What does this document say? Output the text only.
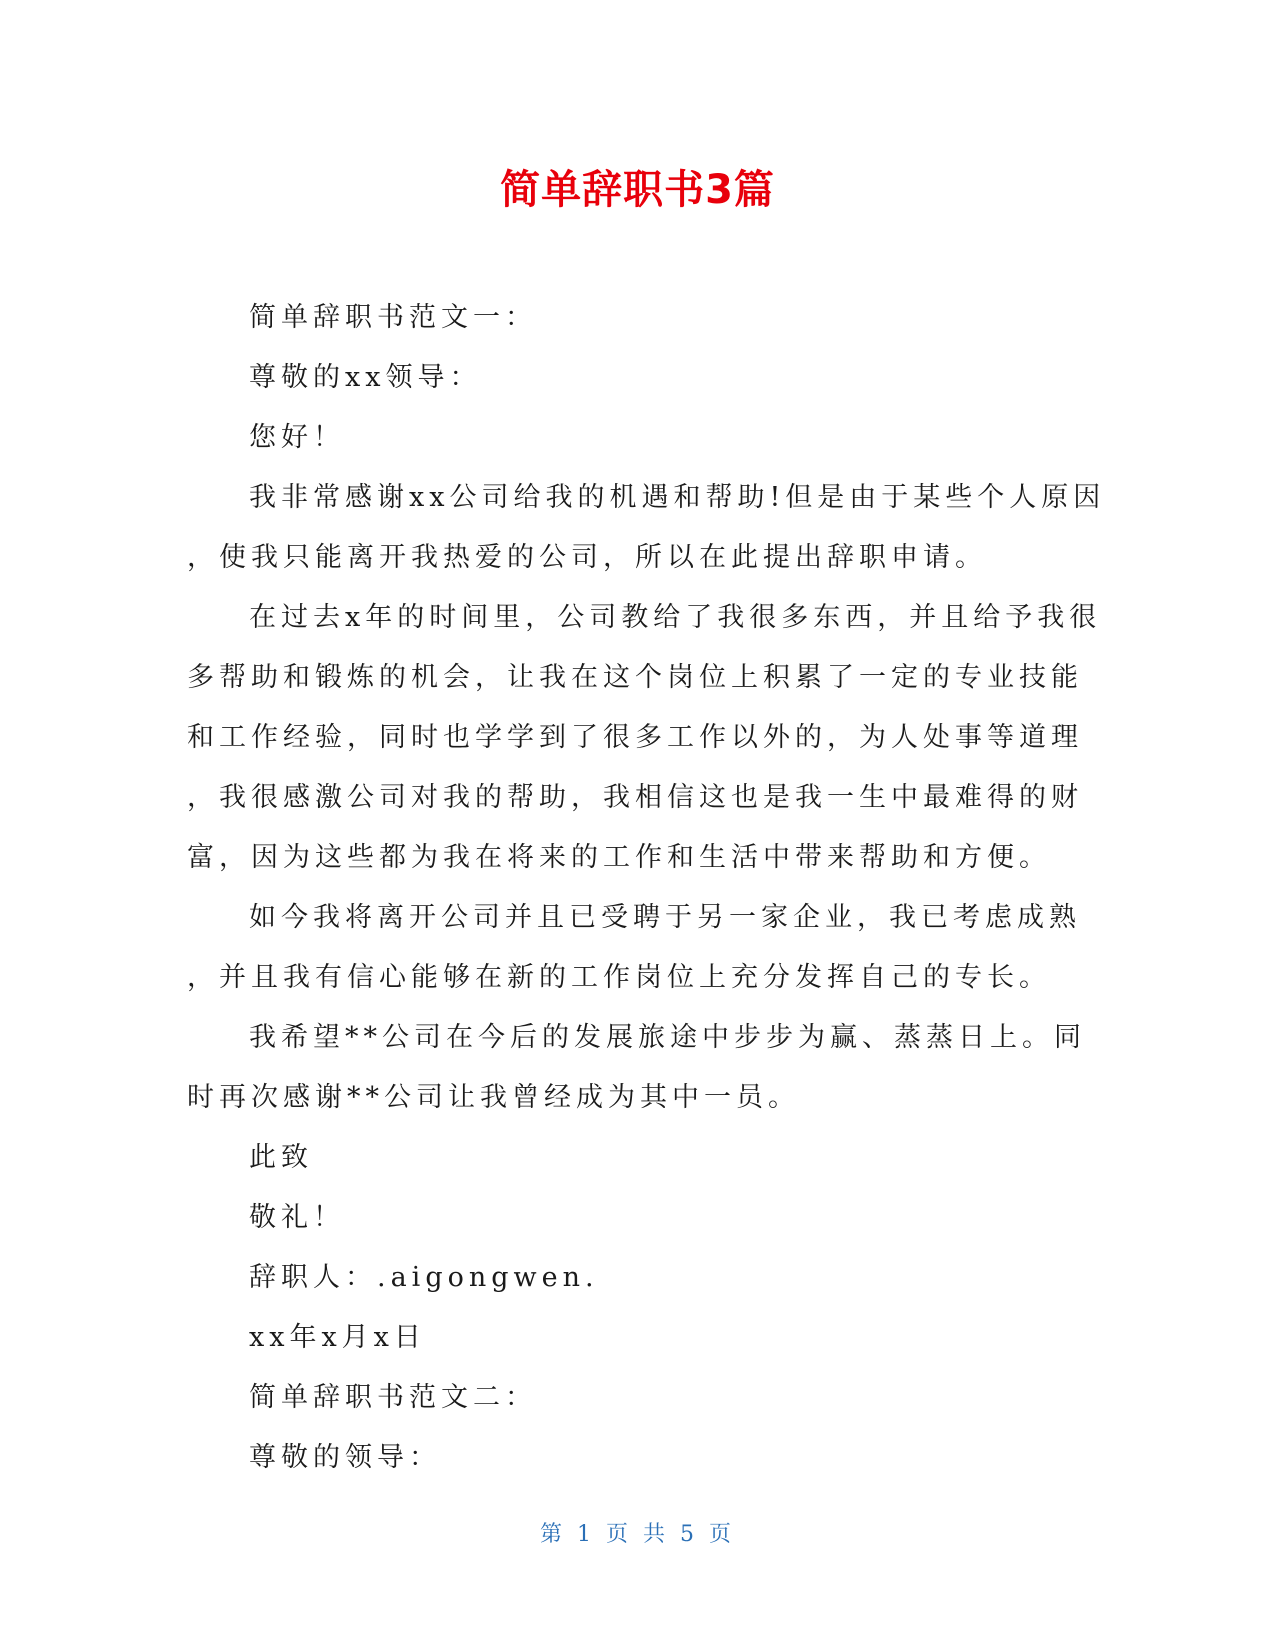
简单辞职书3篇

简单辞职书范文一：

尊敬的xx领导：

您好！

我非常感谢xx公司给我的机遇和帮助!但是由于某些个人原因
，使我只能离开我热爱的公司，所以在此提出辞职申请。

在过去x年的时间里，公司教给了我很多东西，并且给予我很
多帮助和锻炼的机会，让我在这个岗位上积累了一定的专业技能
和工作经验，同时也学学到了很多工作以外的，为人处事等道理
，我很感激公司对我的帮助，我相信这也是我一生中最难得的财
富，因为这些都为我在将来的工作和生活中带来帮助和方便。

如今我将离开公司并且已受聘于另一家企业，我已考虑成熟
，并且我有信心能够在新的工作岗位上充分发挥自己的专长。

我希望**公司在今后的发展旅途中步步为赢、蒸蒸日上。同
时再次感谢**公司让我曾经成为其中一员。

此致

敬礼！

辞职人：.aigongwen.

xx年x月x日

简单辞职书范文二：

尊敬的领导：

第 1 页 共 5 页
